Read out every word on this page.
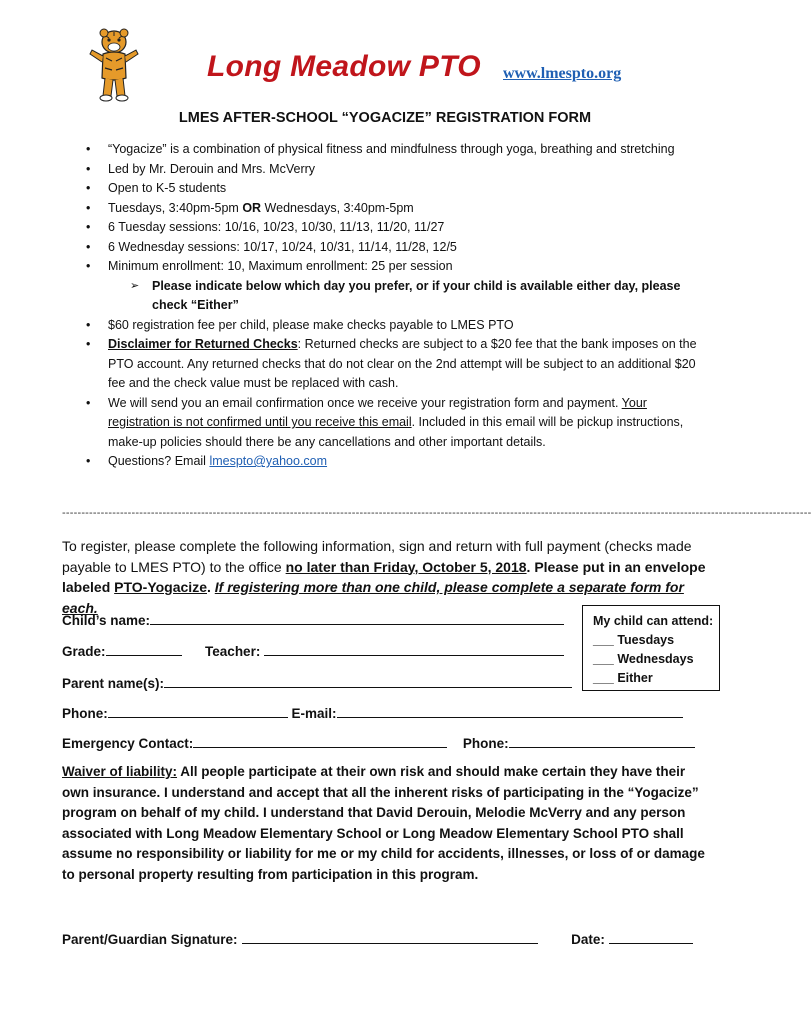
Long Meadow PTO www.lmespto.org
LMES AFTER-SCHOOL “YOGACIZE” REGISTRATION FORM
• “Yogacize” is a combination of physical fitness and mindfulness through yoga, breathing and stretching
• Led by Mr. Derouin and Mrs. McVerry
• Open to K-5 students
• Tuesdays, 3:40pm-5pm OR Wednesdays, 3:40pm-5pm
• 6 Tuesday sessions: 10/16, 10/23, 10/30, 11/13, 11/20, 11/27
• 6 Wednesday sessions: 10/17, 10/24, 10/31, 11/14, 11/28, 12/5
• Minimum enrollment: 10, Maximum enrollment: 25 per session
➢ Please indicate below which day you prefer, or if your child is available either day, please check “Either”
• $60 registration fee per child, please make checks payable to LMES PTO
• Disclaimer for Returned Checks: Returned checks are subject to a $20 fee that the bank imposes on the PTO account. Any returned checks that do not clear on the 2nd attempt will be subject to an additional $20 fee and the check value must be replaced with cash.
• We will send you an email confirmation once we receive your registration form and payment. Your registration is not confirmed until you receive this email. Included in this email will be pickup instructions, make-up policies should there be any cancellations and other important details.
• Questions? Email lmespto@yahoo.com
--------------------------------------------------------------------------------------------------------------------------------------------------------------------------------------------------
To register, please complete the following information, sign and return with full payment (checks made payable to LMES PTO) to the office no later than Friday, October 5, 2018. Please put in an envelope labeled PTO-Yogacize. If registering more than one child, please complete a separate form for each.
Child’s name:
Grade:	Teacher:
Parent name(s):
My child can attend:
___ Tuesdays
___ Wednesdays
___ Either
Phone:	E-mail:
Emergency Contact:	Phone:
Waiver of liability: All people participate at their own risk and should make certain they have their own insurance. I understand and accept that all the inherent risks of participating in the “Yogacize” program on behalf of my child. I understand that David Derouin, Melodie McVerry and any person associated with Long Meadow Elementary School or Long Meadow Elementary School PTO shall assume no responsibility or liability for me or my child for accidents, illnesses, or loss of or damage to personal property resulting from participation in this program.
Parent/Guardian Signature:	Date:
